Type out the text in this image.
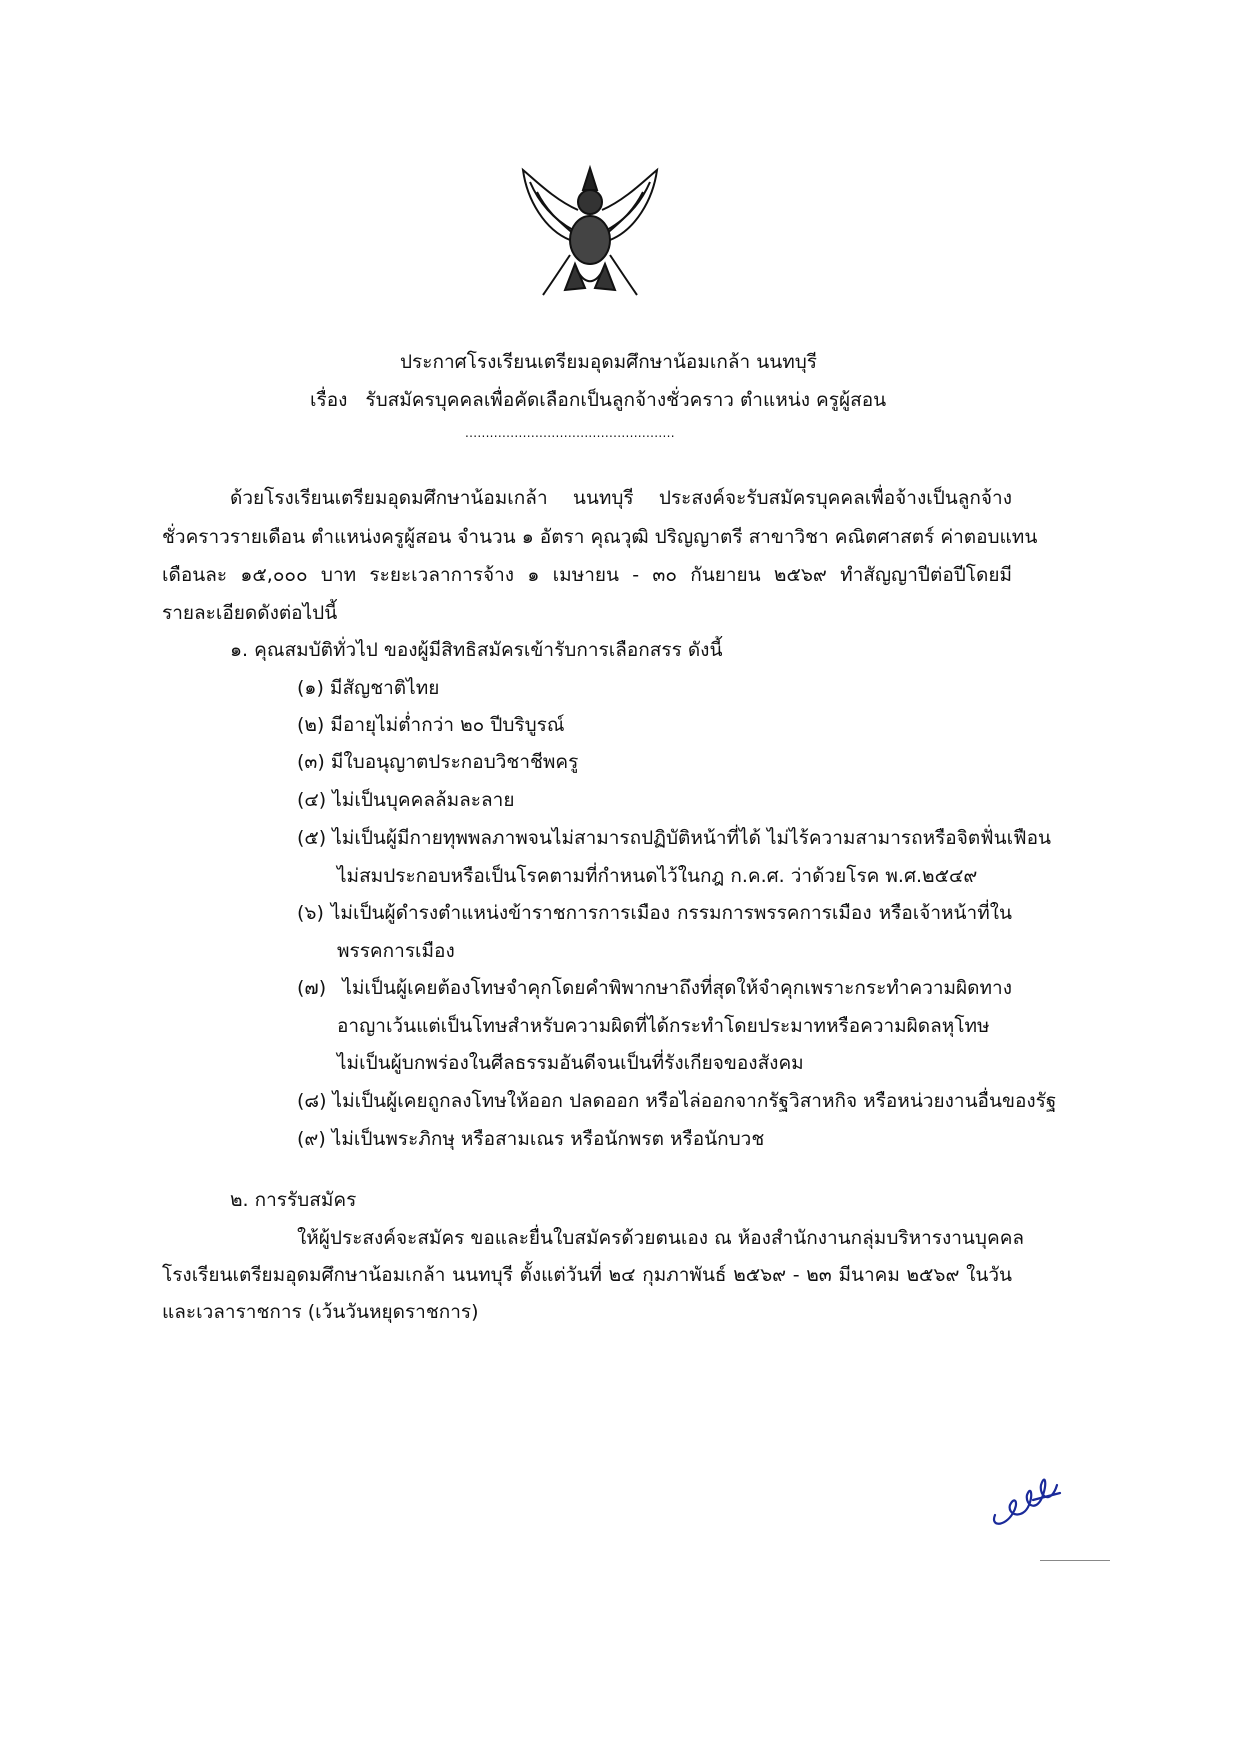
ประกาศโรงเรียนเตรียมอุดมศึกษาน้อมเกล้า นนทบุรี
เรื่อง รับสมัครบุคคลเพื่อคัดเลือกเป็นลูกจ้างชั่วคราว ตำแหน่ง ครูผู้สอน
...................................................
ด้วยโรงเรียนเตรียมอุดมศึกษาน้อมเกล้า นนทบุรี ประสงค์จะรับสมัครบุคคลเพื่อจ้างเป็นลูกจ้าง
ชั่วคราวรายเดือน ตำแหน่งครูผู้สอน จำนวน ๑ อัตรา คุณวุฒิ ปริญญาตรี สาขาวิชา คณิตศาสตร์ ค่าตอบแทน
เดือนละ ๑๕,๐๐๐ บาท ระยะเวลาการจ้าง ๑ เมษายน - ๓๐ กันยายน ๒๕๖๙ ทำสัญญาปีต่อปีโดยมี
รายละเอียดดังต่อไปนี้
๑. คุณสมบัติทั่วไป ของผู้มีสิทธิสมัครเข้ารับการเลือกสรร ดังนี้
(๑) มีสัญชาติไทย
(๒) มีอายุไม่ต่ำกว่า ๒๐ ปีบริบูรณ์
(๓) มีใบอนุญาตประกอบวิชาชีพครู
(๔) ไม่เป็นบุคคลล้มละลาย
(๕) ไม่เป็นผู้มีกายทุพพลภาพจนไม่สามารถปฏิบัติหน้าที่ได้ ไม่ไร้ความสามารถหรือจิตฟั่นเฟือน
ไม่สมประกอบหรือเป็นโรคตามที่กำหนดไว้ในกฎ ก.ค.ศ. ว่าด้วยโรค พ.ศ.๒๕๔๙
(๖) ไม่เป็นผู้ดำรงตำแหน่งข้าราชการการเมือง กรรมการพรรคการเมือง หรือเจ้าหน้าที่ใน
พรรคการเมือง
(๗) ไม่เป็นผู้เคยต้องโทษจำคุกโดยคำพิพากษาถึงที่สุดให้จำคุกเพราะกระทำความผิดทาง
อาญาเว้นแต่เป็นโทษสำหรับความผิดที่ได้กระทำโดยประมาทหรือความผิดลหุโทษ
ไม่เป็นผู้บกพร่องในศีลธรรมอันดีจนเป็นที่รังเกียจของสังคม
(๘) ไม่เป็นผู้เคยถูกลงโทษให้ออก ปลดออก หรือไล่ออกจากรัฐวิสาหกิจ หรือหน่วยงานอื่นของรัฐ
(๙) ไม่เป็นพระภิกษุ หรือสามเณร หรือนักพรต หรือนักบวช
๒. การรับสมัคร
ให้ผู้ประสงค์จะสมัคร ขอและยื่นใบสมัครด้วยตนเอง ณ ห้องสำนักงานกลุ่มบริหารงานบุคคล
โรงเรียนเตรียมอุดมศึกษาน้อมเกล้า นนทบุรี ตั้งแต่วันที่ ๒๔ กุมภาพันธ์ ๒๕๖๙ - ๒๓ มีนาคม ๒๕๖๙ ในวัน
และเวลาราชการ (เว้นวันหยุดราชการ)
